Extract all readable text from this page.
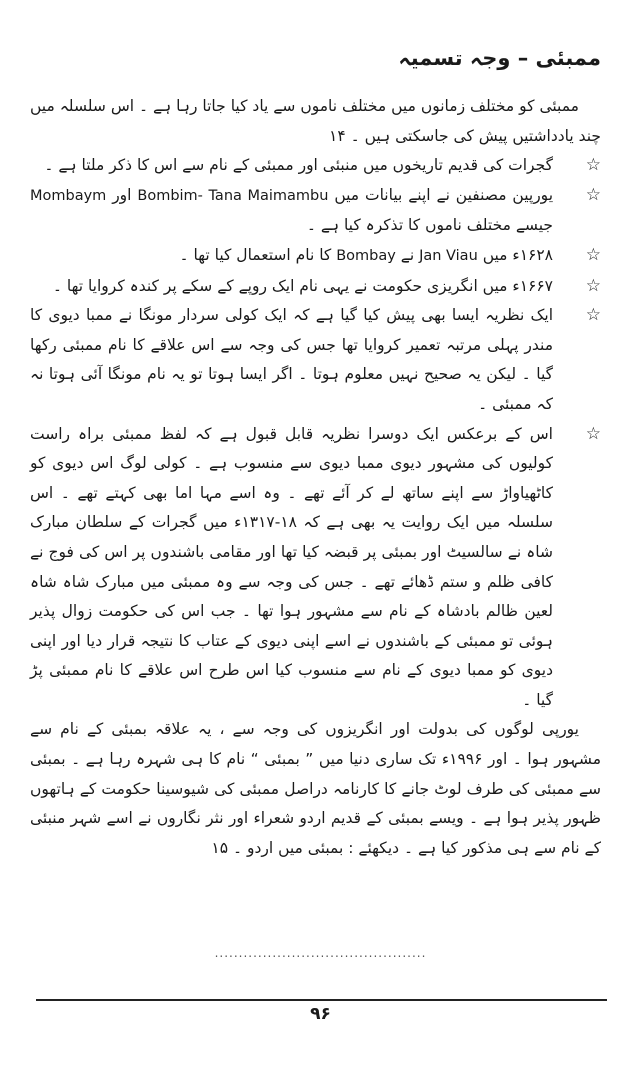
ممبئی – وجہ تسمیہ

ممبئی کو مختلف زمانوں میں مختلف ناموں سے یاد کیا جاتا رہا ہے ۔ اس سلسلہ میں چند یادداشتیں پیش کی جاسکتی ہیں ۔ ۱۴

☆
گجرات کی قدیم تاریخوں میں منبئی اور ممبئی کے نام سے اس کا ذکر ملتا ہے ۔
☆
یورپین مصنفین نے اپنے بیانات میں Bombim- Tana Maimambu اور Mombaym جیسے مختلف ناموں کا تذکرہ کیا ہے ۔
☆
۱۶۲۸ء میں Jan Viau نے Bombay کا نام استعمال کیا تھا ۔
☆
۱۶۶۷ء میں انگریزی حکومت نے یہی نام ایک روپے کے سکے پر کندہ کروایا تھا ۔
☆
ایک نظریہ ایسا بھی پیش کیا گیا ہے کہ ایک کولی سردار مونگا نے ممبا دیوی کا مندر پہلی مرتبہ تعمیر کروایا تھا جس کی وجہ سے اس علاقے کا نام ممبئی رکھا گیا ۔ لیکن یہ صحیح نہیں معلوم ہوتا ۔ اگر ایسا ہوتا تو یہ نام مونگا آئی ہوتا نہ کہ ممبئی ۔
☆
اس کے برعکس ایک دوسرا نظریہ قابل قبول ہے کہ لفظ ممبئی براہ راست کولیوں کی مشہور دیوی ممبا دیوی سے منسوب ہے ۔ کولی لوگ اس دیوی کو کاٹھیاواڑ سے اپنے ساتھ لے کر آئے تھے ۔ وہ اسے مہا اما بھی کہتے تھے ۔ اس سلسلہ میں ایک روایت یہ بھی ہے کہ ۱۸-۱۳۱۷ء میں گجرات کے سلطان مبارک شاہ نے سالسیٹ اور بمبئی پر قبضہ کیا تھا اور مقامی باشندوں پر اس کی فوج نے کافی ظلم و ستم ڈھائے تھے ۔ جس کی وجہ سے وہ ممبئی میں مبارک شاہ شاہ لعین ظالم بادشاہ کے نام سے مشہور ہوا تھا ۔ جب اس کی حکومت زوال پذیر ہوئی تو ممبئی کے باشندوں نے اسے اپنی دیوی کے عتاب کا نتیجہ قرار دیا اور اپنی دیوی کو ممبا دیوی کے نام سے منسوب کیا اس طرح اس علاقے کا نام ممبئی پڑ گیا ۔

یورپی لوگوں کی بدولت اور انگریزوں کی وجہ سے ، یہ علاقہ بمبئی کے نام سے مشہور ہوا ۔ اور ۱۹۹۶ء تک ساری دنیا میں ” بمبئی “ نام کا ہی شہرہ رہا ہے ۔ بمبئی سے ممبئی کی طرف لوٹ جانے کا کارنامہ دراصل ممبئی کی شیوسینا حکومت کے ہاتھوں ظہور پذیر ہوا ہے ۔ ویسے بمبئی کے قدیم اردو شعراء اور نثر نگاروں نے اسے شہر منبئی کے نام سے ہی مذکور کیا ہے ۔ دیکھئے : بمبئی میں اردو ۔ ۱۵

............................................
۹۶
